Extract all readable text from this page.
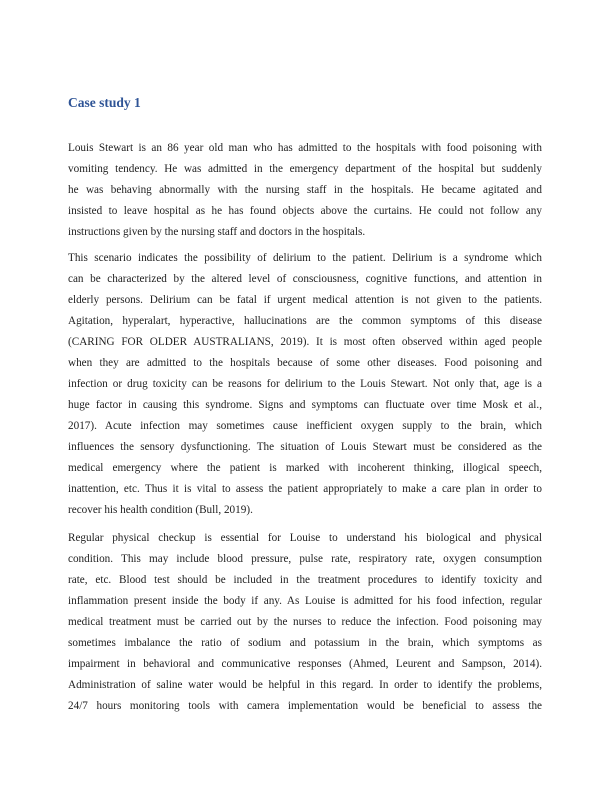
Case study 1
Louis Stewart is an 86 year old man who has admitted to the hospitals with food poisoning with
vomiting tendency. He was admitted in the emergency department of the hospital but suddenly
he was behaving abnormally with the nursing staff in the hospitals. He became agitated and
insisted to leave hospital as he has found objects above the curtains. He could not follow any
instructions given by the nursing staff and doctors in the hospitals.
This scenario indicates the possibility of delirium to the patient. Delirium is a syndrome which
can be characterized by the altered level of consciousness, cognitive functions, and attention in
elderly persons. Delirium can be fatal if urgent medical attention is not given to the patients.
Agitation, hyperalart, hyperactive, hallucinations are the common symptoms of this disease
(CARING FOR OLDER AUSTRALIANS, 2019). It is most often observed within aged people
when they are admitted to the hospitals because of some other diseases. Food poisoning and
infection or drug toxicity can be reasons for delirium to the Louis Stewart. Not only that, age is a
huge factor in causing this syndrome. Signs and symptoms can fluctuate over time Mosk et al.,
2017). Acute infection may sometimes cause inefficient oxygen supply to the brain, which
influences the sensory dysfunctioning. The situation of Louis Stewart must be considered as the
medical emergency where the patient is marked with incoherent thinking, illogical speech,
inattention, etc. Thus it is vital to assess the patient appropriately to make a care plan in order to
recover his health condition (Bull, 2019).
Regular physical checkup is essential for Louise to understand his biological and physical
condition. This may include blood pressure, pulse rate, respiratory rate, oxygen consumption
rate, etc. Blood test should be included in the treatment procedures to identify toxicity and
inflammation present inside the body if any. As Louise is admitted for his food infection, regular
medical treatment must be carried out by the nurses to reduce the infection. Food poisoning may
sometimes imbalance the ratio of sodium and potassium in the brain, which symptoms as
impairment in behavioral and communicative responses (Ahmed, Leurent and Sampson, 2014).
Administration of saline water would be helpful in this regard. In order to identify the problems,
24/7 hours monitoring tools with camera implementation would be beneficial to assess the
